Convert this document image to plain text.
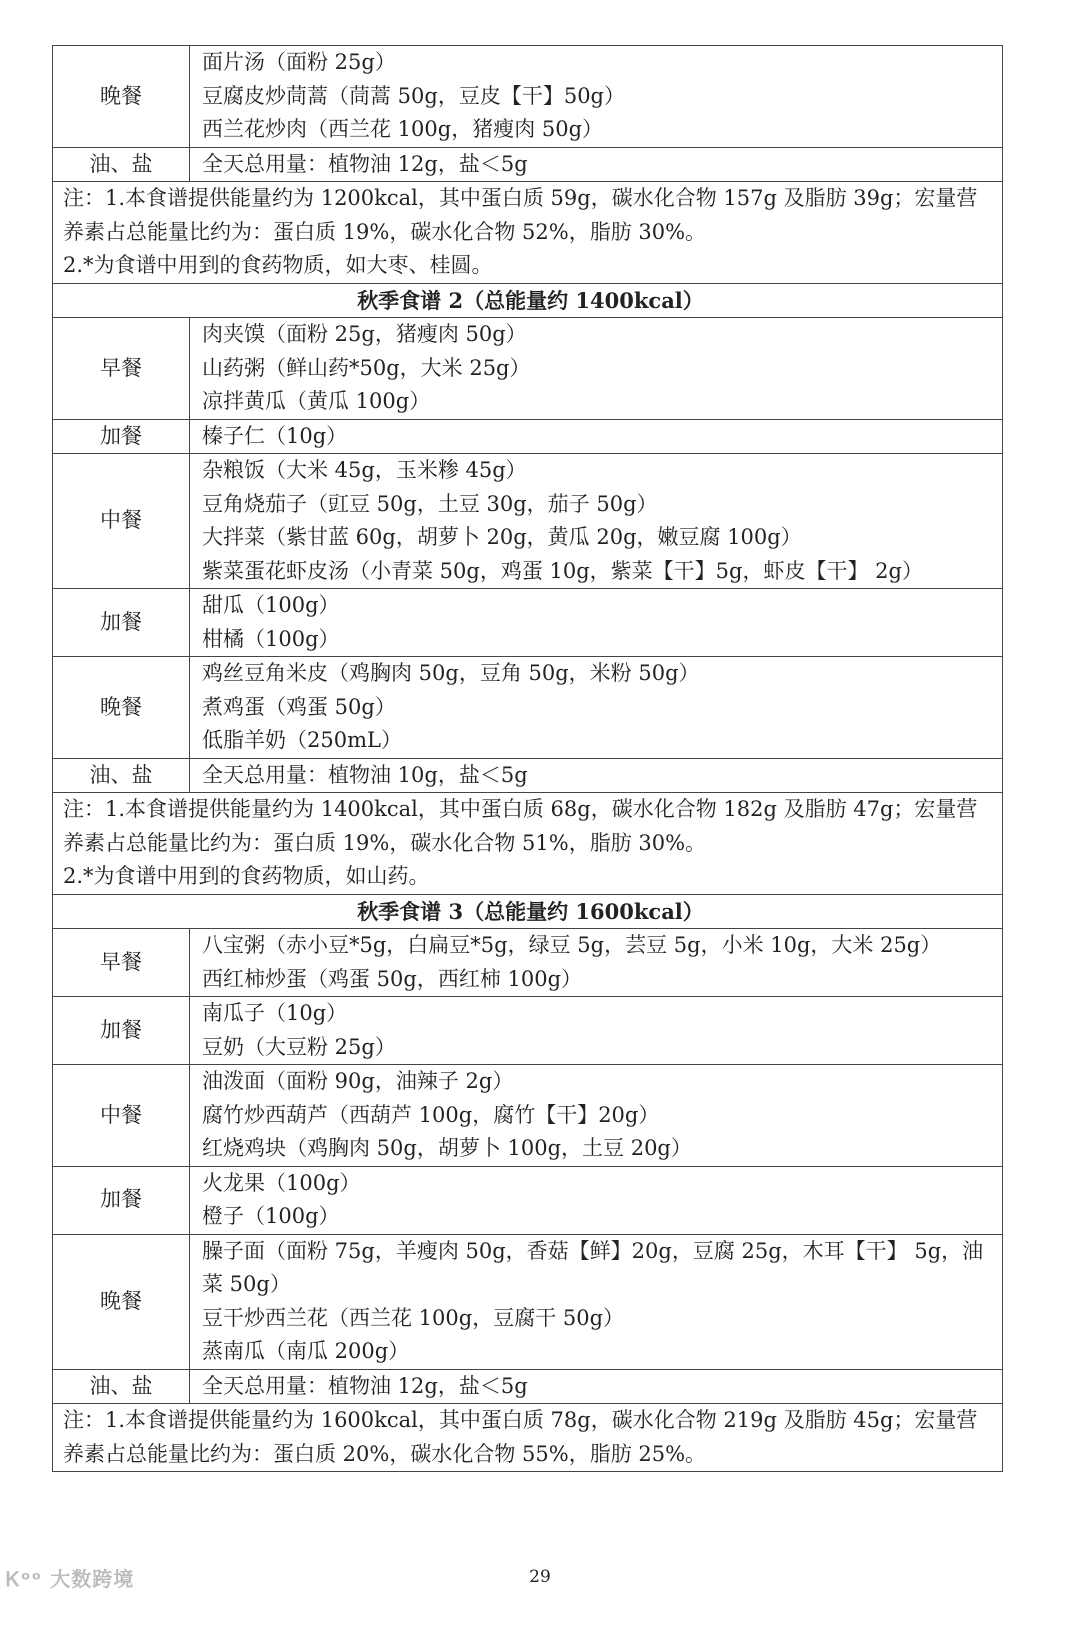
晚餐	面片汤（面粉 25g）
豆腐皮炒茼蒿（茼蒿 50g，豆皮【干】50g）
西兰花炒肉（西兰花 100g，猪瘦肉 50g）

油、盐	全天总用量：植物油 12g，盐＜5g

注：1.本食谱提供能量约为 1200kcal，其中蛋白质 59g，碳水化合物 157g 及脂肪 39g；宏量营养素占总能量比约为：蛋白质 19%，碳水化合物 52%，脂肪 30%。
2.*为食谱中用到的食药物质，如大枣、桂圆。	

秋季食谱 2（总能量约 1400kcal）	
早餐	肉夹馍（面粉 25g，猪瘦肉 50g）
山药粥（鲜山药*50g，大米 25g）
凉拌黄瓜（黄瓜 100g）

加餐	榛子仁（10g）

中餐	杂粮饭（大米 45g，玉米糁 45g）
豆角烧茄子（豇豆 50g，土豆 30g，茄子 50g）
大拌菜（紫甘蓝 60g，胡萝卜 20g，黄瓜 20g，嫩豆腐 100g）
紫菜蛋花虾皮汤（小青菜 50g，鸡蛋 10g，紫菜【干】5g，虾皮【干】 2g）

加餐	甜瓜（100g）
柑橘（100g）

晚餐	鸡丝豆角米皮（鸡胸肉 50g，豆角 50g，米粉 50g）
煮鸡蛋（鸡蛋 50g）
低脂羊奶（250mL）

油、盐	全天总用量：植物油 10g，盐＜5g

注：1.本食谱提供能量约为 1400kcal，其中蛋白质 68g，碳水化合物 182g 及脂肪 47g；宏量营养素占总能量比约为：蛋白质 19%，碳水化合物 51%，脂肪 30%。
2.*为食谱中用到的食药物质，如山药。	

秋季食谱 3（总能量约 1600kcal）	
早餐	八宝粥（赤小豆*5g，白扁豆*5g，绿豆 5g，芸豆 5g，小米 10g，大米 25g）
西红柿炒蛋（鸡蛋 50g，西红柿 100g）

加餐	南瓜子（10g）
豆奶（大豆粉 25g）

中餐	油泼面（面粉 90g，油辣子 2g）
腐竹炒西葫芦（西葫芦 100g，腐竹【干】20g）
红烧鸡块（鸡胸肉 50g，胡萝卜 100g，土豆 20g）

加餐	火龙果（100g）
橙子（100g）

晚餐	臊子面（面粉 75g，羊瘦肉 50g，香菇【鲜】20g，豆腐 25g，木耳【干】 5g，油菜 50g）
豆干炒西兰花（西兰花 100g，豆腐干 50g）
蒸南瓜（南瓜 200g）

油、盐	全天总用量：植物油 12g，盐＜5g

注：1.本食谱提供能量约为 1600kcal，其中蛋白质 78g，碳水化合物 219g 及脂肪 45g；宏量营养素占总能量比约为：蛋白质 20%，碳水化合物 55%，脂肪 25%。	
Ꮶᵒᵒ 大数跨境	29
